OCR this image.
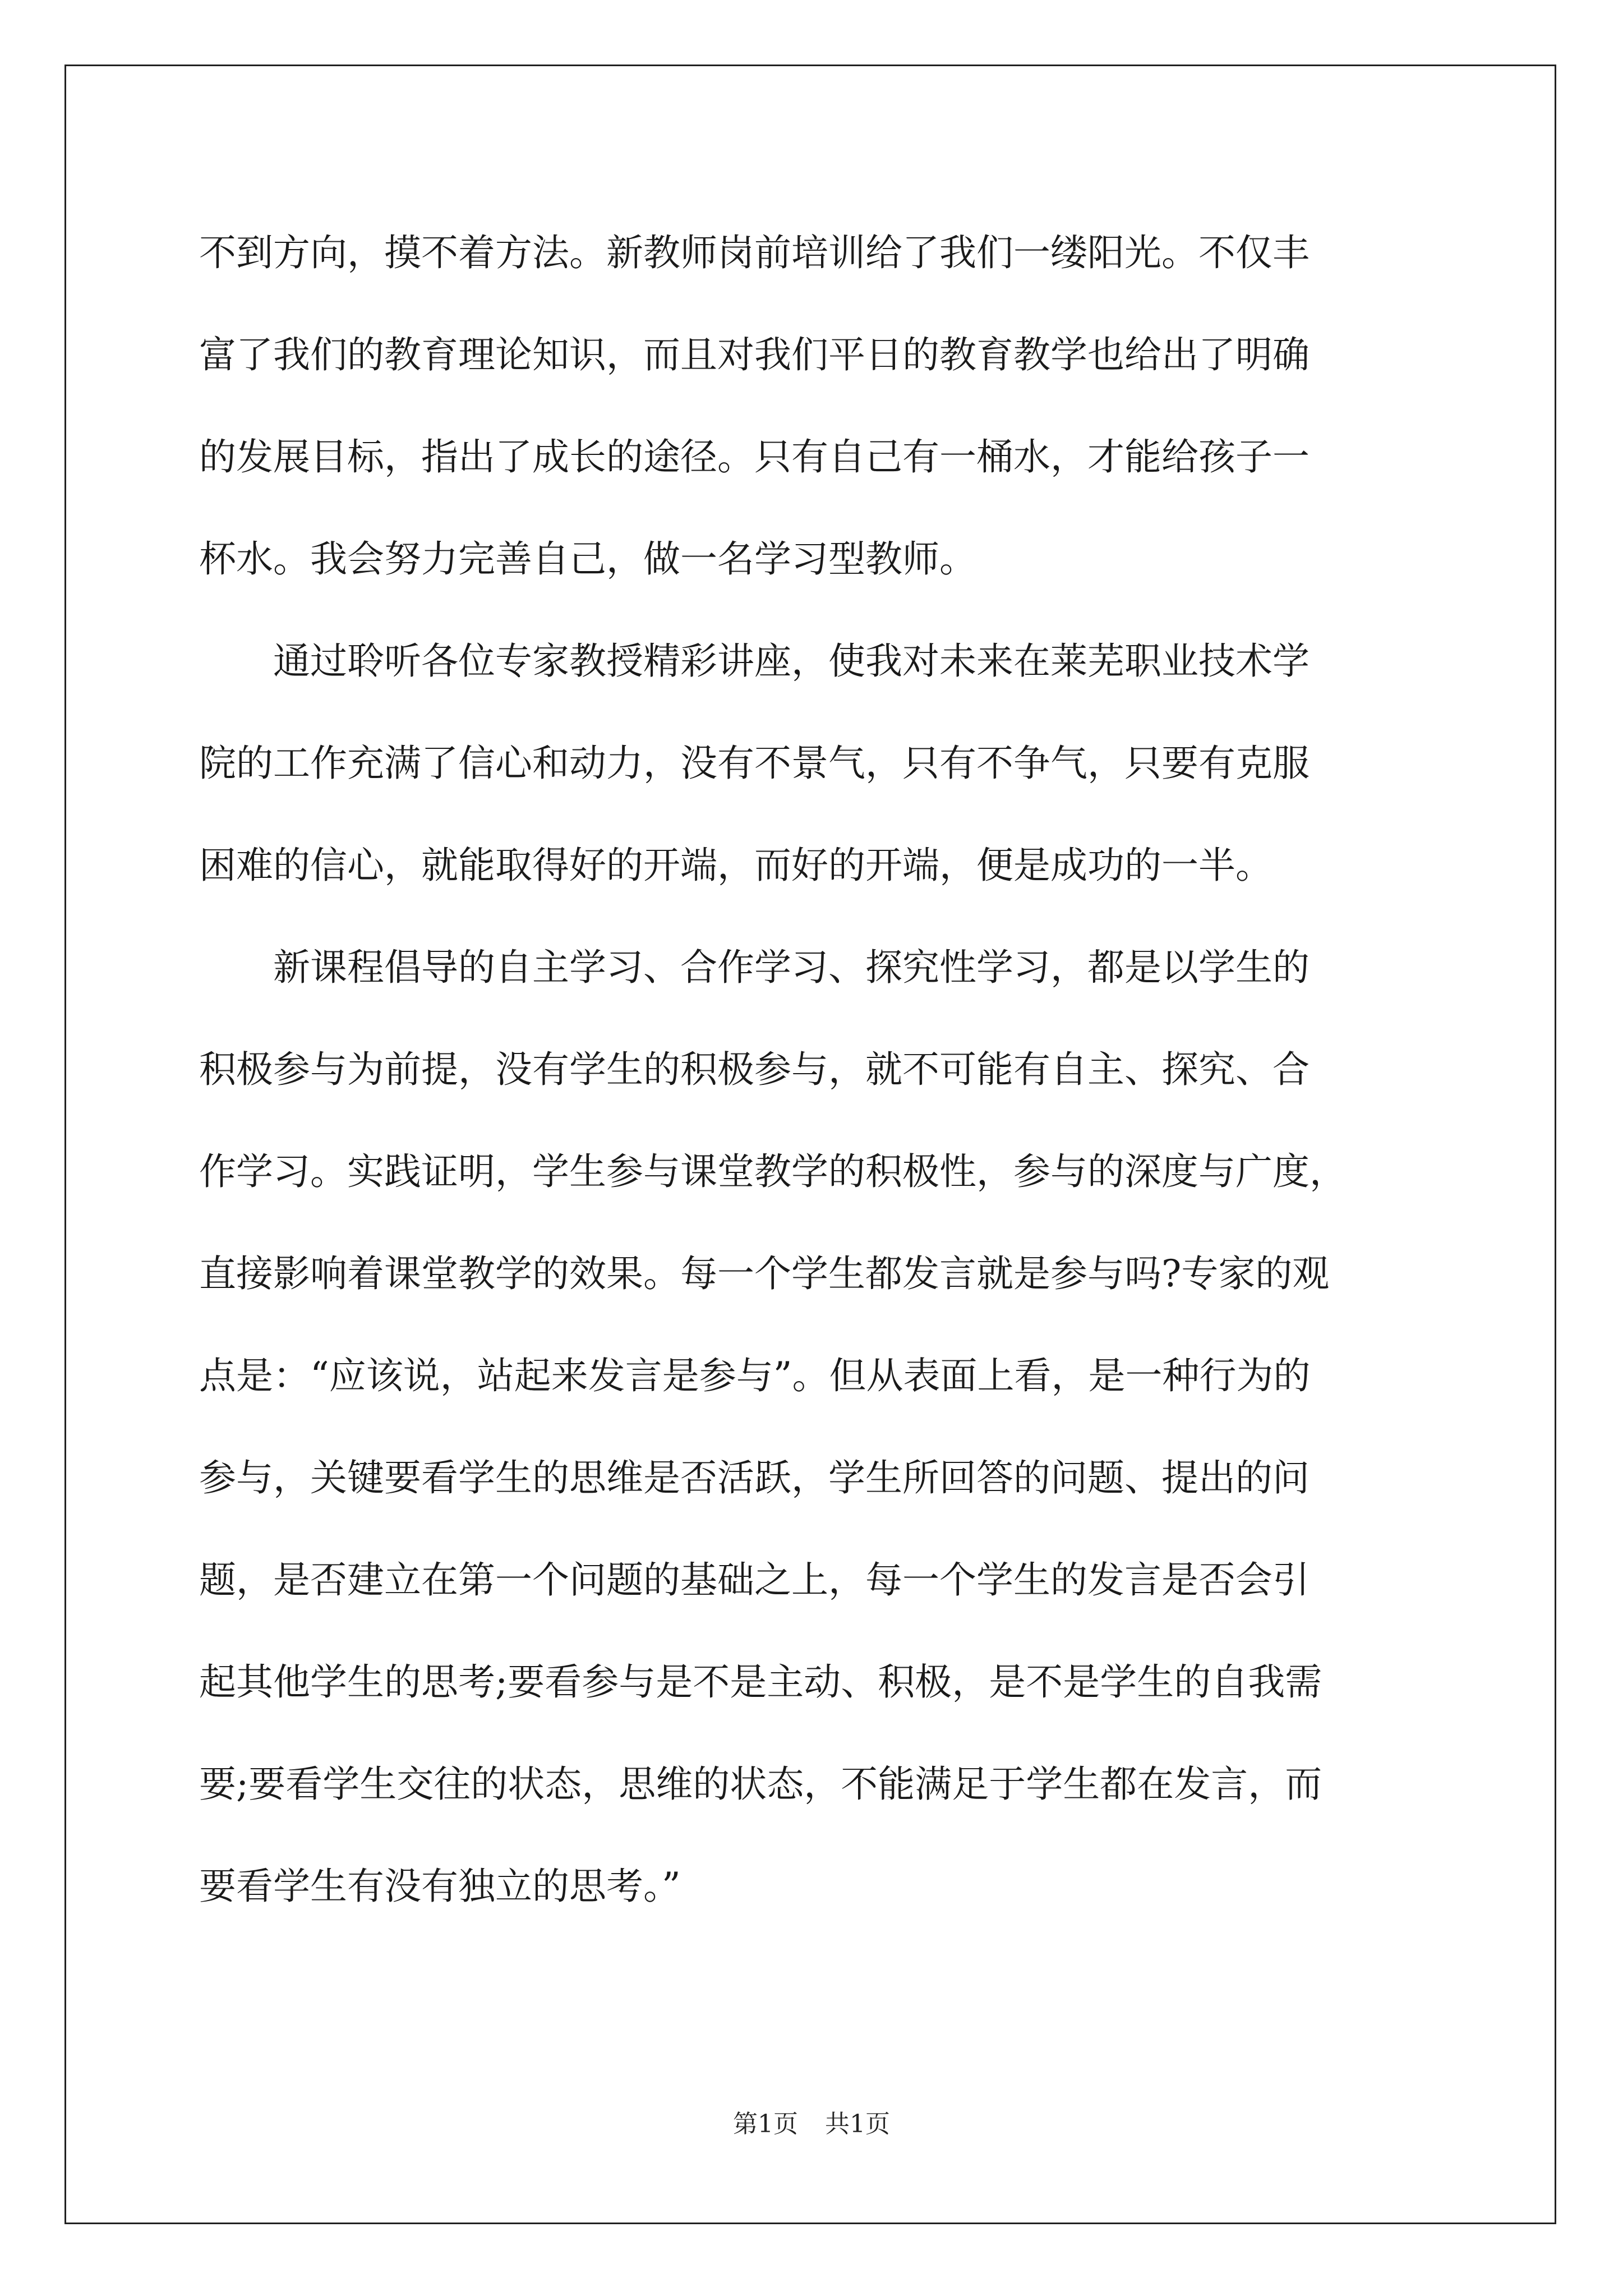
不到方向，摸不着方法。新教师岗前培训给了我们一缕阳光。不仅丰
富了我们的教育理论知识，而且对我们平日的教育教学也给出了明确
的发展目标，指出了成长的途径。只有自己有一桶水，才能给孩子一
杯水。我会努力完善自己，做一名学习型教师。
通过聆听各位专家教授精彩讲座，使我对未来在莱芜职业技术学
院的工作充满了信心和动力，没有不景气，只有不争气，只要有克服
困难的信心，就能取得好的开端，而好的开端，便是成功的一半。
新课程倡导的自主学习、合作学习、探究性学习，都是以学生的
积极参与为前提，没有学生的积极参与，就不可能有自主、探究、合
作学习。实践证明，学生参与课堂教学的积极性，参与的深度与广度，
直接影响着课堂教学的效果。每一个学生都发言就是参与吗?专家的观
点是：“应该说，站起来发言是参与”。但从表面上看，是一种行为的
参与，关键要看学生的思维是否活跃，学生所回答的问题、提出的问
题，是否建立在第一个问题的基础之上，每一个学生的发言是否会引
起其他学生的思考;要看参与是不是主动、积极，是不是学生的自我需
要;要看学生交往的状态，思维的状态，不能满足于学生都在发言，而
要看学生有没有独立的思考。”
第1页 共1页
